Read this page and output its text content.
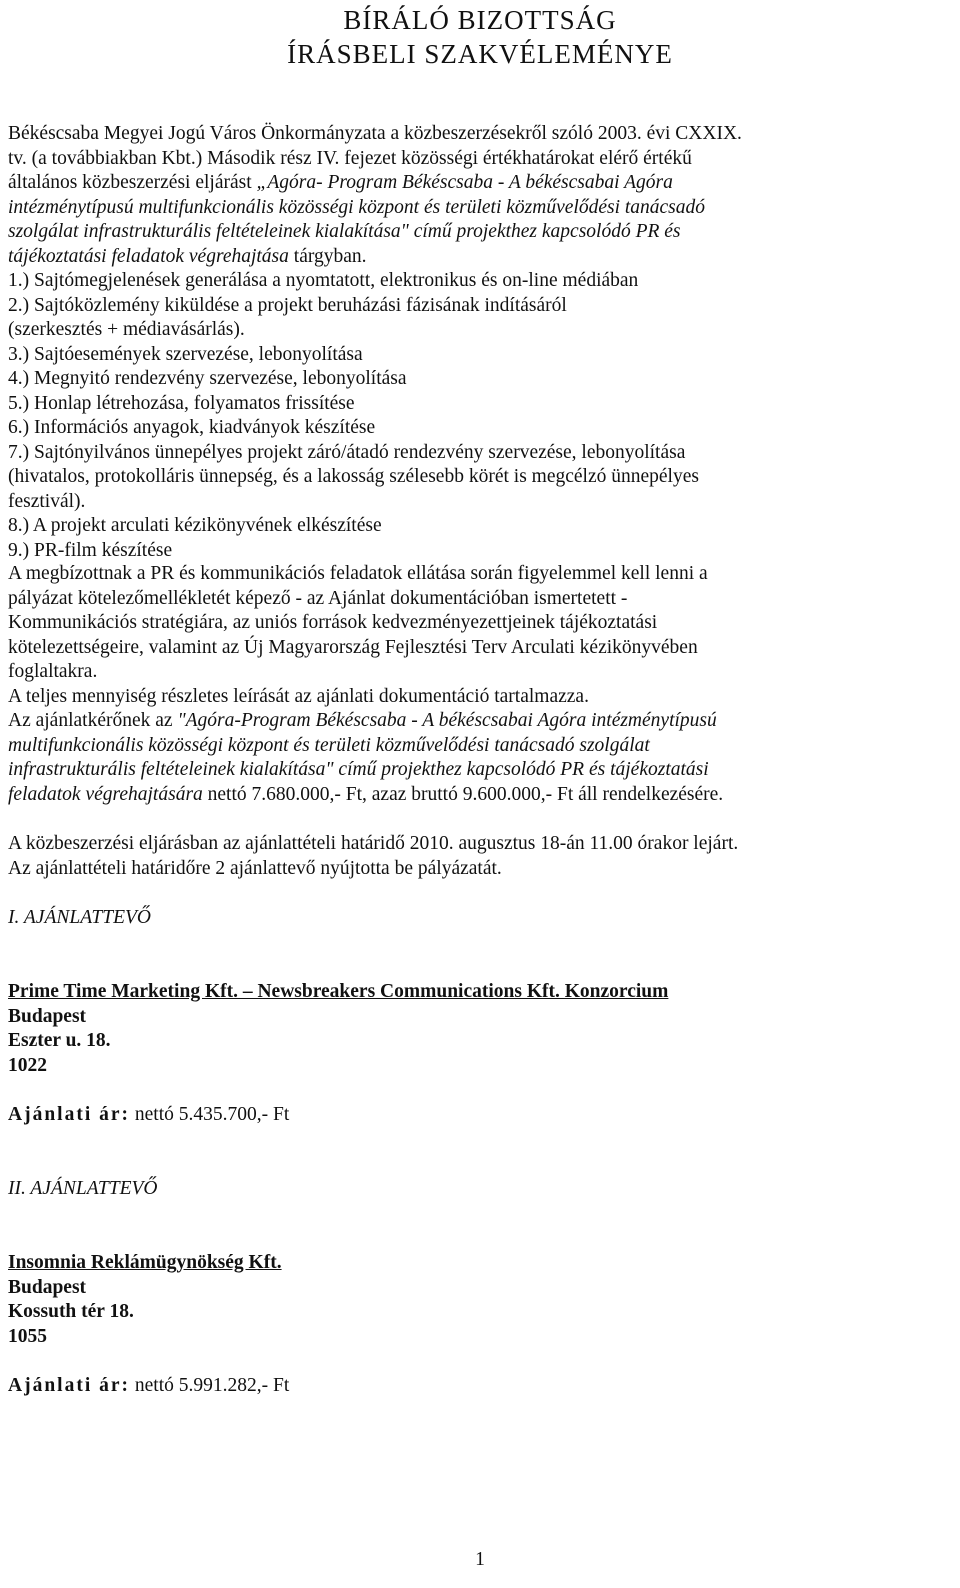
BÍRÁLÓ BIZOTTSÁG
ÍRÁSBELI SZAKVÉLEMÉNYE
Békéscsaba Megyei Jogú Város Önkormányzata a közbeszerzésekről szóló 2003. évi CXXIX.
tv. (a továbbiakban Kbt.) Második rész IV. fejezet közösségi értékhatárokat elérő értékű
általános közbeszerzési eljárást „Agóra- Program Békéscsaba - A békéscsabai Agóra
intézménytípusú multifunkcionális közösségi központ és területi közművelődési tanácsadó
szolgálat infrastrukturális feltételeinek kialakítása" című projekthez kapcsolódó PR és
tájékoztatási feladatok végrehajtása tárgyban.
1.) Sajtómegjelenések generálása a nyomtatott, elektronikus és on-line médiában
2.) Sajtóközlemény kiküldése a projekt beruházási fázisának indításáról
(szerkesztés + médiavásárlás).
3.) Sajtóesemények szervezése, lebonyolítása
4.) Megnyitó rendezvény szervezése, lebonyolítása
5.) Honlap létrehozása, folyamatos frissítése
6.) Információs anyagok, kiadványok készítése
7.) Sajtónyilvános ünnepélyes projekt záró/átadó rendezvény szervezése, lebonyolítása
(hivatalos, protokolláris ünnepség, és a lakosság szélesebb körét is megcélzó ünnepélyes
fesztivál).
8.) A projekt arculati kézikönyvének elkészítése
9.) PR-film készítése
A megbízottnak a PR és kommunikációs feladatok ellátása során figyelemmel kell lenni a
pályázat kötelezőmellékletét képező - az Ajánlat dokumentációban ismertetett -
Kommunikációs stratégiára, az uniós források kedvezményezettjeinek tájékoztatási
kötelezettségeire, valamint az Új Magyarország Fejlesztési Terv Arculati kézikönyvében
foglaltakra.
A teljes mennyiség részletes leírását az ajánlati dokumentáció tartalmazza.
Az ajánlatkérőnek az "Agóra-Program Békéscsaba - A békéscsabai Agóra intézménytípusú
multifunkcionális közösségi központ és területi közművelődési tanácsadó szolgálat
infrastrukturális feltételeinek kialakítása" című projekthez kapcsolódó PR és tájékoztatási
feladatok végrehajtására nettó 7.680.000,- Ft, azaz bruttó 9.600.000,- Ft áll rendelkezésére.
A közbeszerzési eljárásban az ajánlattételi határidő 2010. augusztus 18-án 11.00 órakor lejárt.
Az ajánlattételi határidőre 2 ajánlattevő nyújtotta be pályázatát.
I. AJÁNLATTEVŐ
Prime Time Marketing Kft. – Newsbreakers Communications Kft. Konzorcium
Budapest
Eszter u. 18.
1022
Ajánlati ár: nettó 5.435.700,- Ft
II. AJÁNLATTEVŐ
Insomnia Reklámügynökség Kft.
Budapest
Kossuth tér 18.
1055
Ajánlati ár: nettó 5.991.282,- Ft
1
